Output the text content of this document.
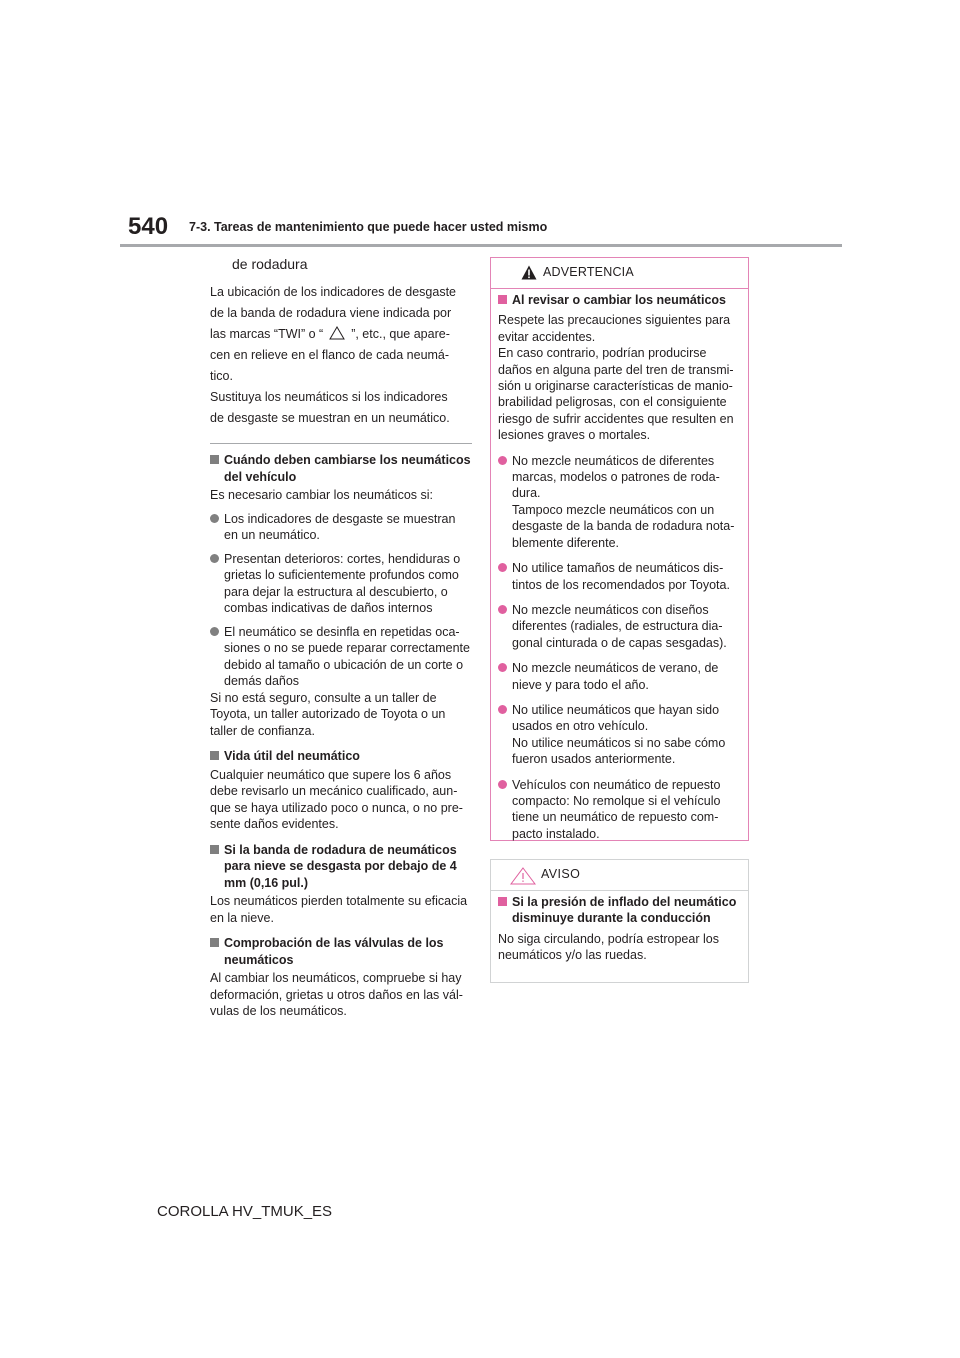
540 7-3. Tareas de mantenimiento que puede hacer usted mismo
de rodadura

La ubicación de los indicadores de desgaste

de la banda de rodadura viene indicada por

las marcas “TWI” o “ ”, etc., que apare-

cen en relieve en el flanco de cada neumá-

tico.

Sustituya los neumáticos si los indicadores

de desgaste se muestran en un neumático.

Cuándo deben cambiarse los neumáticos del vehículo
Es necesario cambiar los neumáticos si:
Los indicadores de desgaste se muestran en un neumático.
Presentan deterioros: cortes, hendiduras o grietas lo suficientemente profundos como para dejar la estructura al descubierto, o combas indicativas de daños internos
El neumático se desinfla en repetidas ocasiones o no se puede reparar correctamente debido al tamaño o ubicación de un corte o demás daños
Si no está seguro, consulte a un taller de Toyota, un taller autorizado de Toyota o un taller de confianza.
Vida útil del neumático
Cualquier neumático que supere los 6 años debe revisarlo un mecánico cualificado, aunque se haya utilizado poco o nunca, o no presente daños evidentes.
Si la banda de rodadura de neumáticos para nieve se desgasta por debajo de 4 mm (0,16 pul.)
Los neumáticos pierden totalmente su eficacia en la nieve.
Comprobación de las válvulas de los neumáticos
Al cambiar los neumáticos, compruebe si hay deformación, grietas u otros daños en las válvulas de los neumáticos.
ADVERTENCIA
Al revisar o cambiar los neumáticos
Respete las precauciones siguientes para evitar accidentes.
En caso contrario, podrían producirse daños en alguna parte del tren de transmisión u originarse características de maniobrabilidad peligrosas, con el consiguiente riesgo de sufrir accidentes que resulten en lesiones graves o mortales.
No mezcle neumáticos de diferentes marcas, modelos o patrones de rodadura.
Tampoco mezcle neumáticos con un desgaste de la banda de rodadura notablemente diferente.
No utilice tamaños de neumáticos distintos de los recomendados por Toyota.
No mezcle neumáticos con diseños diferentes (radiales, de estructura diagonal cinturada o de capas sesgadas).
No mezcle neumáticos de verano, de nieve y para todo el año.
No utilice neumáticos que hayan sido usados en otro vehículo.
No utilice neumáticos si no sabe cómo fueron usados anteriormente.
Vehículos con neumático de repuesto compacto: No remolque si el vehículo tiene un neumático de repuesto compacto instalado.
AVISO
Si la presión de inflado del neumático disminuye durante la conducción
No siga circulando, podría estropear los neumáticos y/o las ruedas.
COROLLA HV_TMUK_ES
